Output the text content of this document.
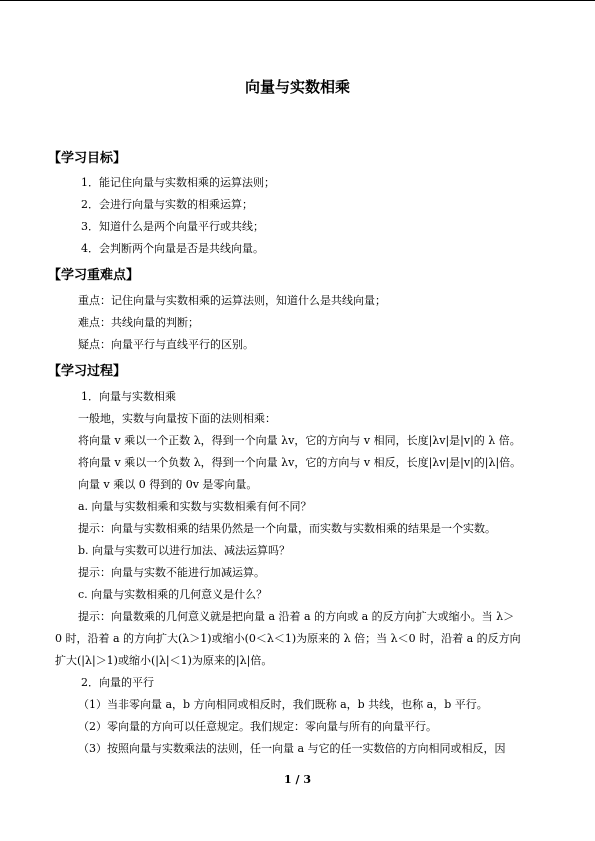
向量与实数相乘
【学习目标】
1．能记住向量与实数相乘的运算法则；
2．会进行向量与实数的相乘运算；
3．知道什么是两个向量平行或共线；
4．会判断两个向量是否是共线向量。
【学习重难点】
重点：记住向量与实数相乘的运算法则，知道什么是共线向量；
难点：共线向量的判断；
疑点：向量平行与直线平行的区别。
【学习过程】
1．向量与实数相乘
一般地，实数与向量按下面的法则相乘：
将向量 v 乘以一个正数 λ，得到一个向量 λv，它的方向与 v 相同，长度|λv|是|v|的 λ 倍。
将向量 v 乘以一个负数 λ，得到一个向量 λv，它的方向与 v 相反，长度|λv|是|v|的|λ|倍。
向量 v 乘以 0 得到的 0v 是零向量。
a. 向量与实数相乘和实数与实数相乘有何不同？
提示：向量与实数相乘的结果仍然是一个向量，而实数与实数相乘的结果是一个实数。
b. 向量与实数可以进行加法、减法运算吗？
提示：向量与实数不能进行加减运算。
c. 向量与实数相乘的几何意义是什么？
提示：向量数乘的几何意义就是把向量 a 沿着 a 的方向或 a 的反方向扩大或缩小。当 λ＞
0 时，沿着 a 的方向扩大(λ＞1)或缩小(0＜λ＜1)为原来的 λ 倍；当 λ＜0 时，沿着 a 的反方向
扩大(|λ|＞1)或缩小(|λ|＜1)为原来的|λ|倍。
2．向量的平行
（1）当非零向量 a，b 方向相同或相反时，我们既称 a，b 共线，也称 a，b 平行。
（2）零向量的方向可以任意规定。我们规定：零向量与所有的向量平行。
（3）按照向量与实数乘法的法则，任一向量 a 与它的任一实数倍的方向相同或相反，因
1 / 3
